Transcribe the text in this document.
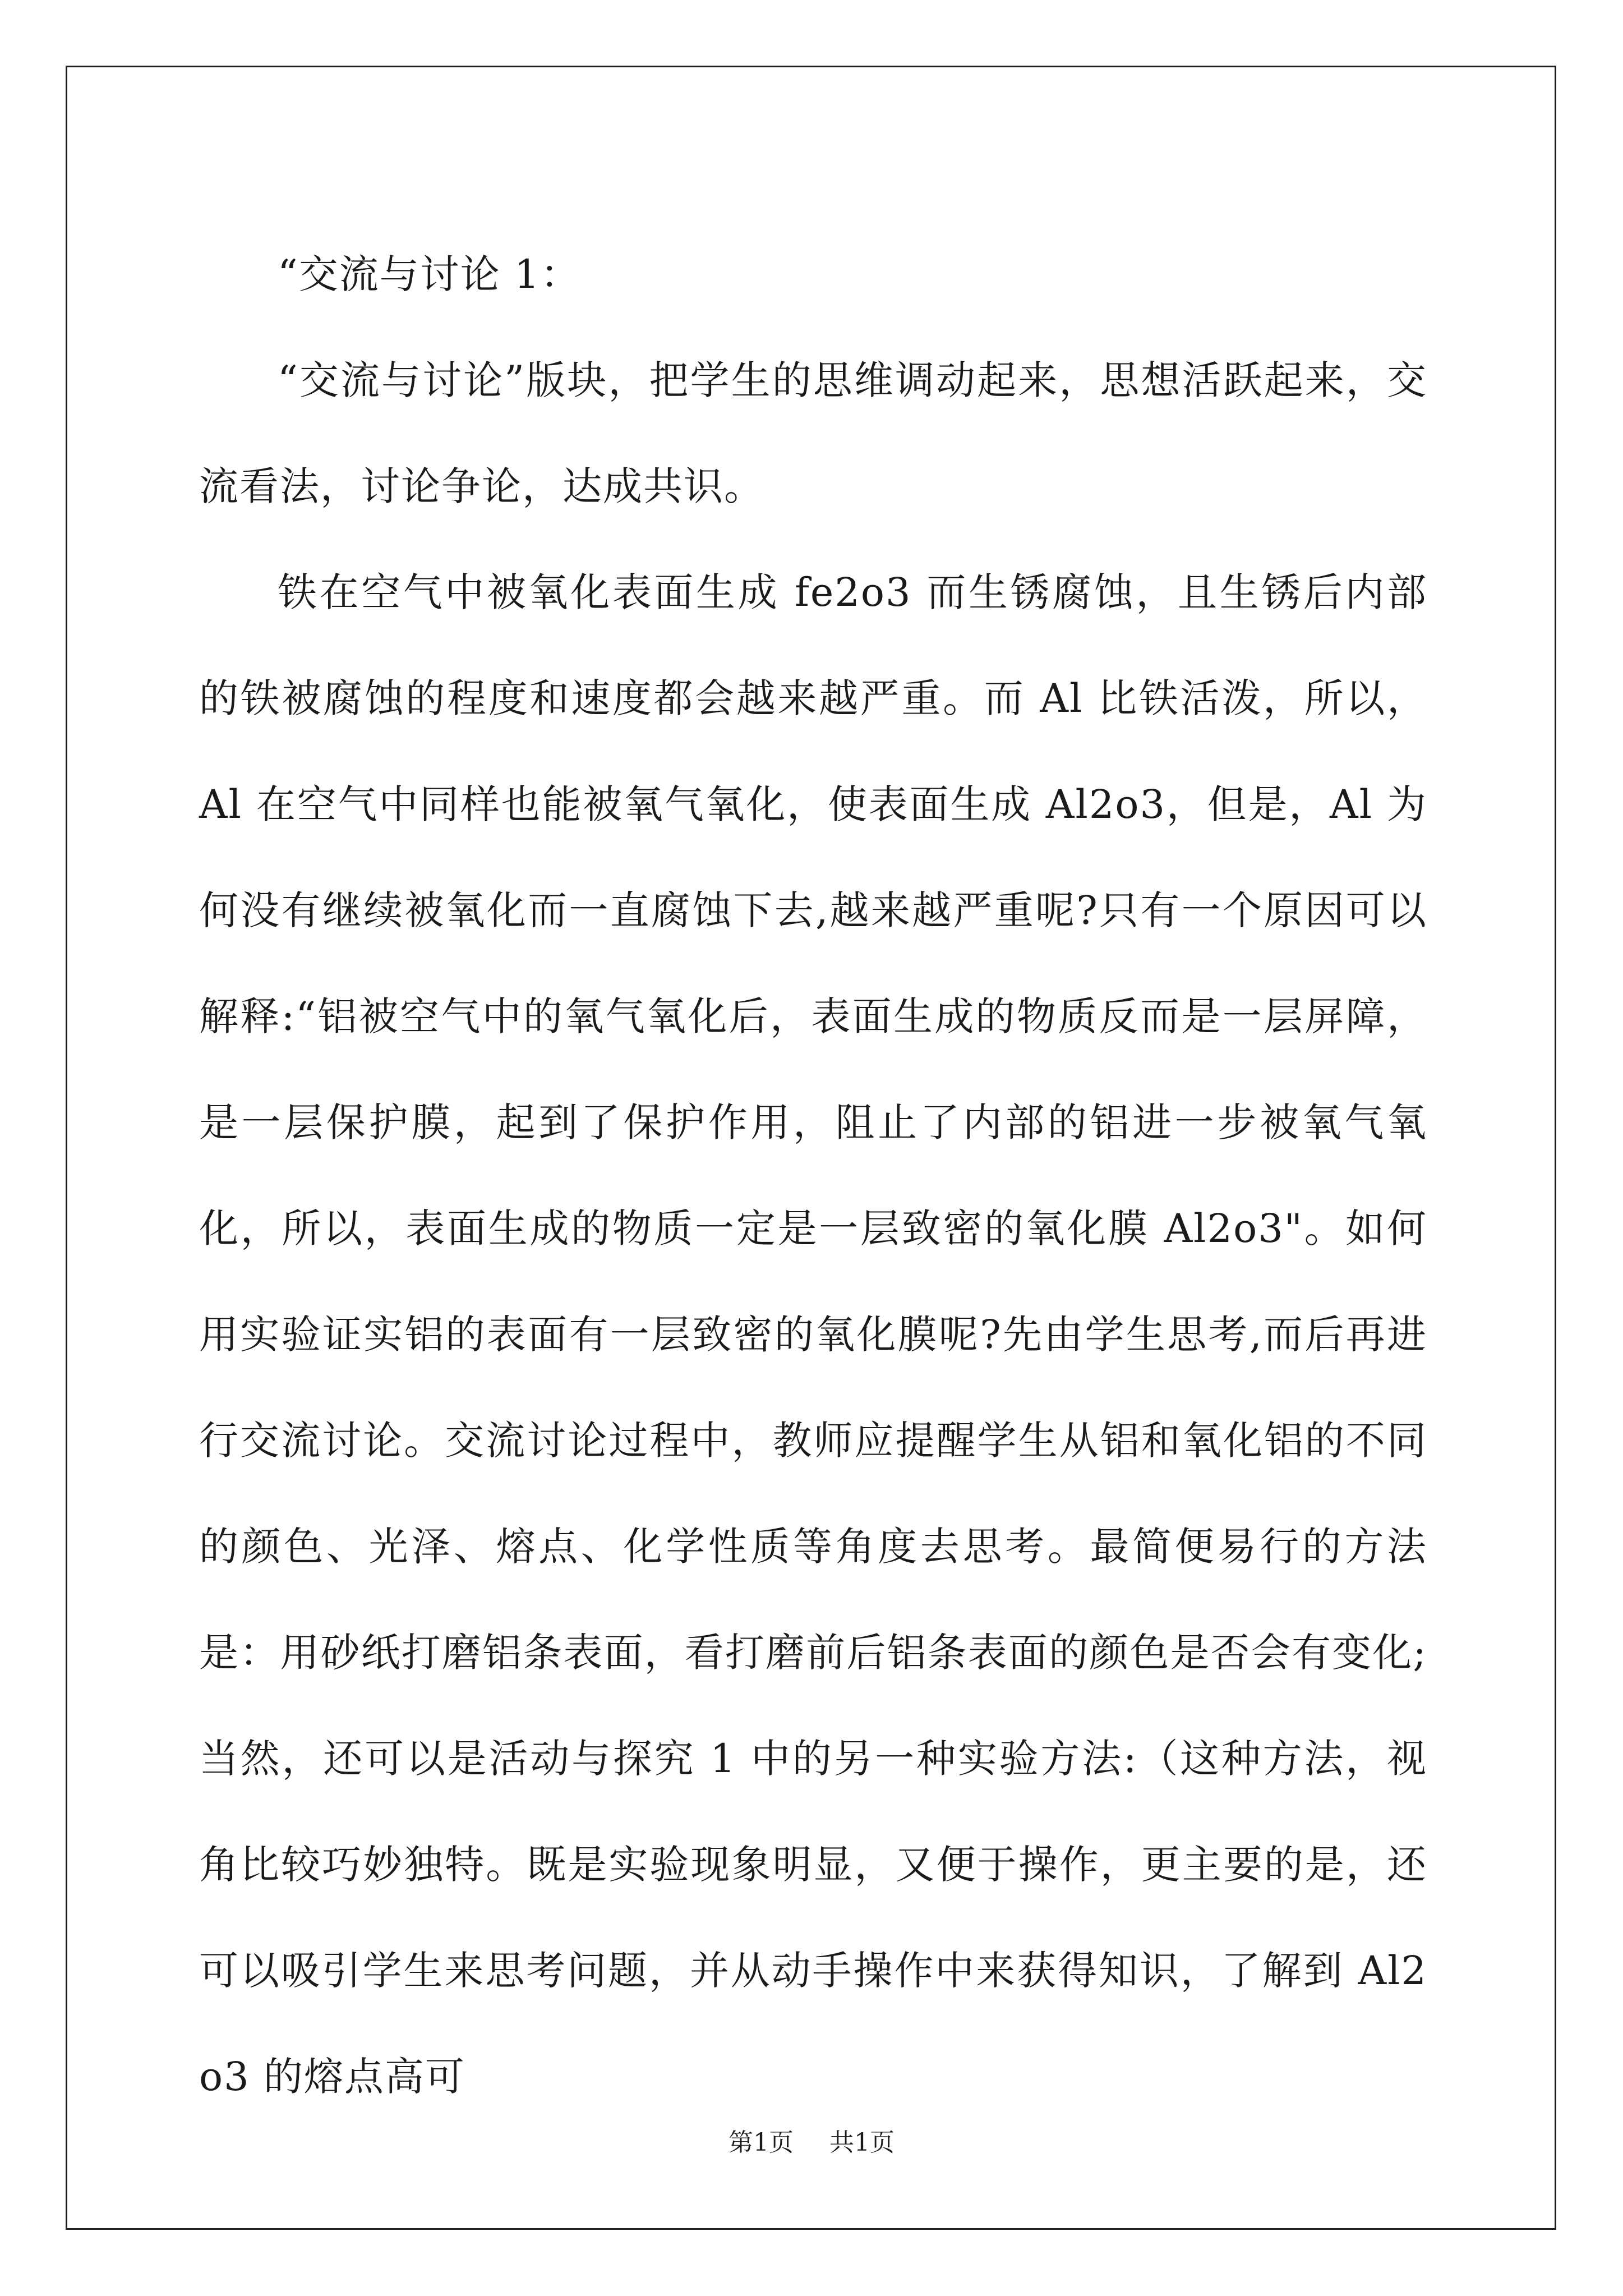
“交流与讨论 1：

“交流与讨论”版块，把学生的思维调动起来，思想活跃起来，交流看法，讨论争论，达成共识。

铁在空气中被氧化表面生成 fe2o3 而生锈腐蚀，且生锈后内部的铁被腐蚀的程度和速度都会越来越严重。而 Al 比铁活泼，所以，Al 在空气中同样也能被氧气氧化，使表面生成 Al2o3，但是，Al 为何没有继续被氧化而一直腐蚀下去,越来越严重呢?只有一个原因可以解释:“铝被空气中的氧气氧化后，表面生成的物质反而是一层屏障，是一层保护膜，起到了保护作用，阻止了内部的铝进一步被氧气氧化，所以，表面生成的物质一定是一层致密的氧化膜 Al2o3"。如何用实验证实铝的表面有一层致密的氧化膜呢?先由学生思考,而后再进行交流讨论。交流讨论过程中，教师应提醒学生从铝和氧化铝的不同的颜色、光泽、熔点、化学性质等角度去思考。最简便易行的方法是：用砂纸打磨铝条表面，看打磨前后铝条表面的颜色是否会有变化;当然，还可以是活动与探究 1 中的另一种实验方法:（这种方法，视角比较巧妙独特。既是实验现象明显，又便于操作，更主要的是，还可以吸引学生来思考问题，并从动手操作中来获得知识，了解到 Al2o3 的熔点高可

第1页 共1页
